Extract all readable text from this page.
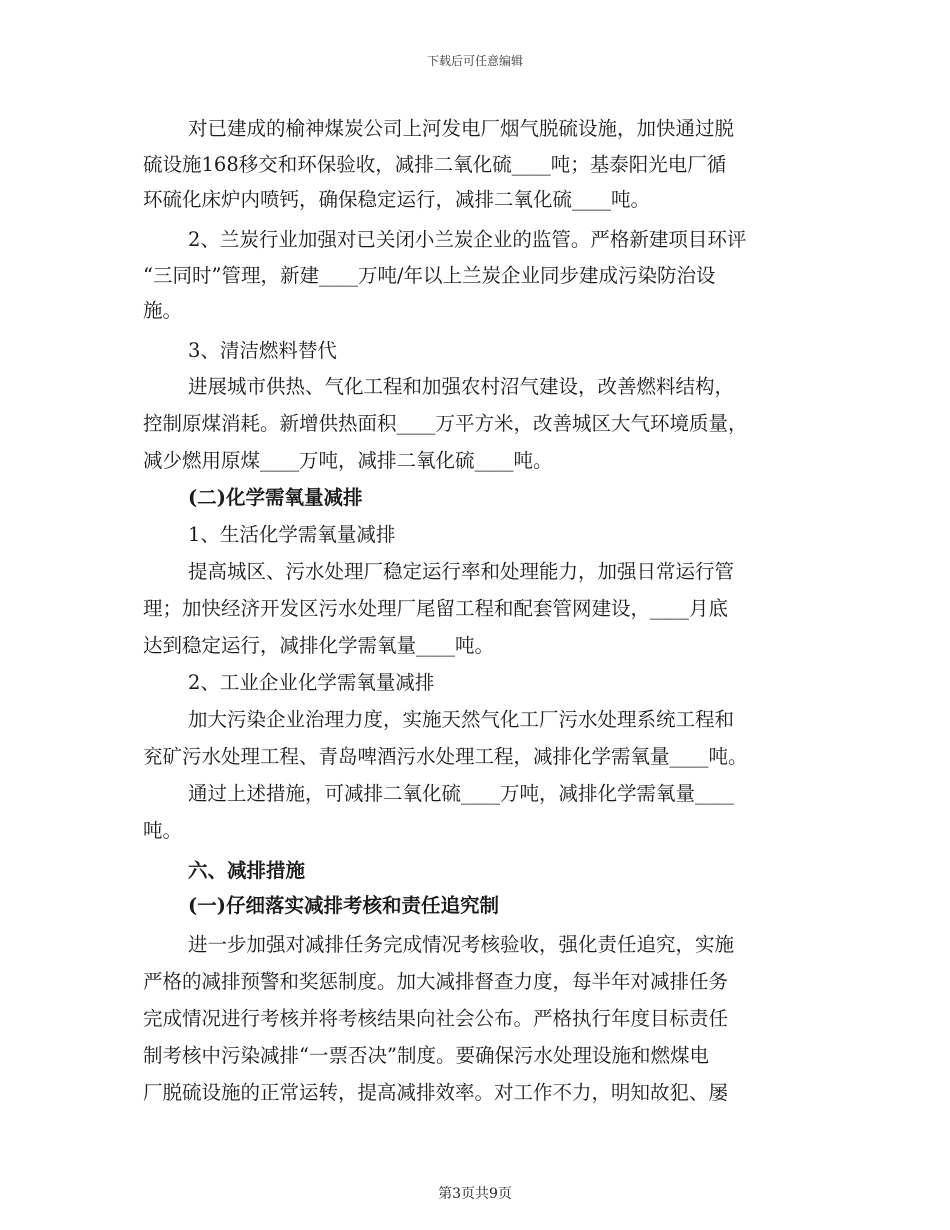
下载后可任意编辑
对已建成的榆神煤炭公司上河发电厂烟气脱硫设施，加快通过脱
硫设施168移交和环保验收，减排二氧化硫____吨；基泰阳光电厂循
环硫化床炉内喷钙，确保稳定运行，减排二氧化硫____吨。
2、兰炭行业加强对已关闭小兰炭企业的监管。严格新建项目环评
“三同时”管理，新建____万吨/年以上兰炭企业同步建成污染防治设
施。
3、清洁燃料替代
进展城市供热、气化工程和加强农村沼气建设，改善燃料结构，
控制原煤消耗。新增供热面积____万平方米，改善城区大气环境质量，
减少燃用原煤____万吨，减排二氧化硫____吨。
(二)化学需氧量减排
1、生活化学需氧量减排
提高城区、污水处理厂稳定运行率和处理能力，加强日常运行管
理；加快经济开发区污水处理厂尾留工程和配套管网建设，____月底
达到稳定运行，减排化学需氧量____吨。
2、工业企业化学需氧量减排
加大污染企业治理力度，实施天然气化工厂污水处理系统工程和
兖矿污水处理工程、青岛啤酒污水处理工程，减排化学需氧量____吨。
通过上述措施，可减排二氧化硫____万吨，减排化学需氧量____
吨。
六、减排措施
(一)仔细落实减排考核和责任追究制
进一步加强对减排任务完成情况考核验收，强化责任追究，实施
严格的减排预警和奖惩制度。加大减排督查力度，每半年对减排任务
完成情况进行考核并将考核结果向社会公布。严格执行年度目标责任
制考核中污染减排“一票否决”制度。要确保污水处理设施和燃煤电
厂脱硫设施的正常运转，提高减排效率。对工作不力，明知故犯、屡
第3页共9页
